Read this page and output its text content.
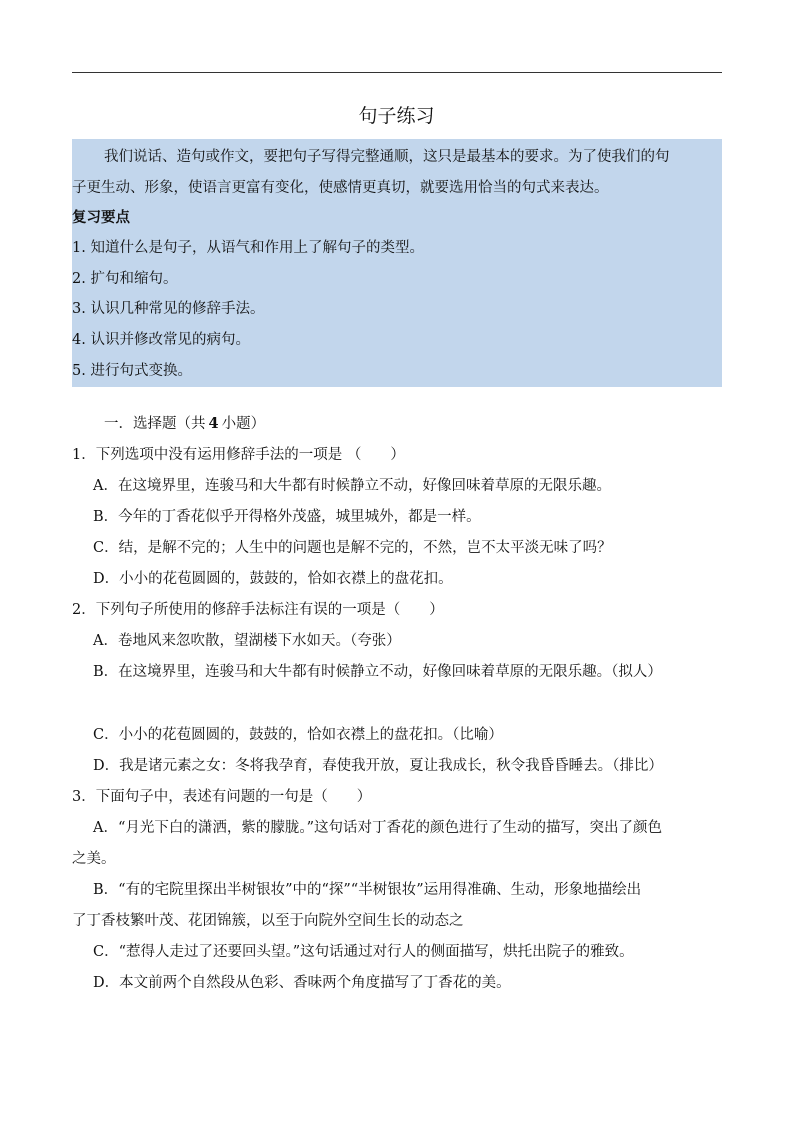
句子练习
我们说话、造句或作文，要把句子写得完整通顺，这只是最基本的要求。为了使我们的句
子更生动、形象，使语言更富有变化，使感情更真切，就要选用恰当的句式来表达。
复习要点
1. 知道什么是句子，从语气和作用上了解句子的类型。
2. 扩句和缩句。
3. 认识几种常见的修辞手法。
4. 认识并修改常见的病句。
5. 进行句式变换。
一．选择题（共 4 小题）
1．下列选项中没有运用修辞手法的一项是 （　　）
A．在这境界里，连骏马和大牛都有时候静立不动，好像回味着草原的无限乐趣。
B．今年的丁香花似乎开得格外茂盛，城里城外，都是一样。
C．结，是解不完的；人生中的问题也是解不完的，不然，岂不太平淡无味了吗？
D．小小的花苞圆圆的，鼓鼓的，恰如衣襟上的盘花扣。
2．下列句子所使用的修辞手法标注有误的一项是（　　）
A．卷地风来忽吹散，望湖楼下水如天。（夸张）
B．在这境界里，连骏马和大牛都有时候静立不动，好像回味着草原的无限乐趣。（拟人）
C．小小的花苞圆圆的，鼓鼓的，恰如衣襟上的盘花扣。（比喻）
D．我是诸元素之女：冬将我孕育，春使我开放，夏让我成长，秋令我昏昏睡去。（排比）
3．下面句子中，表述有问题的一句是（　　）
A．“月光下白的潇洒，紫的朦胧。”这句话对丁香花的颜色进行了生动的描写，突出了颜色
之美。
B．“有的宅院里探出半树银妆”中的“探”“半树银妆”运用得准确、生动，形象地描绘出
了丁香枝繁叶茂、花团锦簇，以至于向院外空间生长的动态之
C．“惹得人走过了还要回头望。”这句话通过对行人的侧面描写，烘托出院子的雅致。
D．本文前两个自然段从色彩、香味两个角度描写了丁香花的美。
